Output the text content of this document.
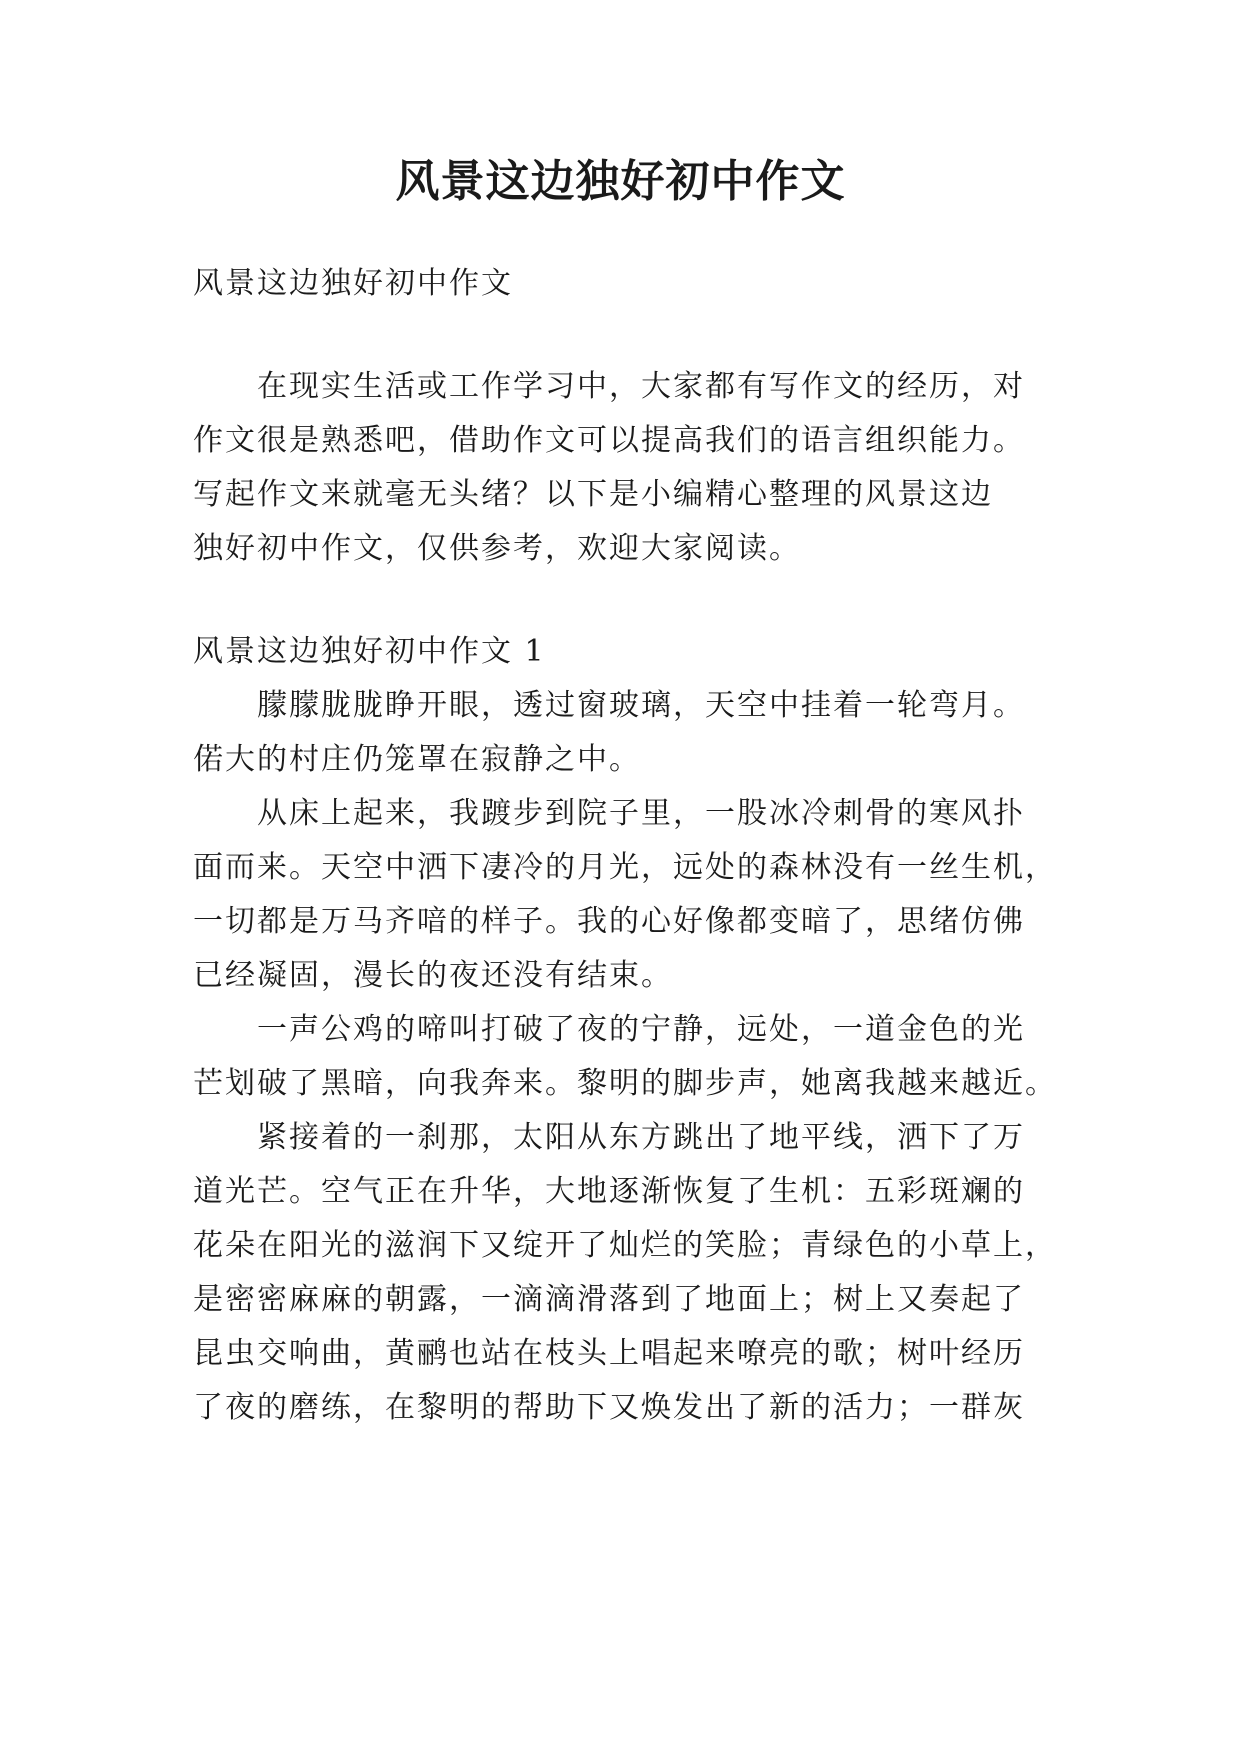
风景这边独好初中作文
风景这边独好初中作文
在现实生活或工作学习中，大家都有写作文的经历，对
作文很是熟悉吧，借助作文可以提高我们的语言组织能力。
写起作文来就毫无头绪？以下是小编精心整理的风景这边
独好初中作文，仅供参考，欢迎大家阅读。
风景这边独好初中作文 1
朦朦胧胧睁开眼，透过窗玻璃，天空中挂着一轮弯月。
偌大的村庄仍笼罩在寂静之中。
从床上起来，我踱步到院子里，一股冰冷刺骨的寒风扑
面而来。天空中洒下凄冷的月光，远处的森林没有一丝生机，
一切都是万马齐喑的样子。我的心好像都变暗了，思绪仿佛
已经凝固，漫长的夜还没有结束。
一声公鸡的啼叫打破了夜的宁静，远处，一道金色的光
芒划破了黑暗，向我奔来。黎明的脚步声，她离我越来越近。
紧接着的一刹那，太阳从东方跳出了地平线，洒下了万
道光芒。空气正在升华，大地逐渐恢复了生机：五彩斑斓的
花朵在阳光的滋润下又绽开了灿烂的笑脸；青绿色的小草上，
是密密麻麻的朝露，一滴滴滑落到了地面上；树上又奏起了
昆虫交响曲，黄鹂也站在枝头上唱起来嘹亮的歌；树叶经历
了夜的磨练，在黎明的帮助下又焕发出了新的活力；一群灰
